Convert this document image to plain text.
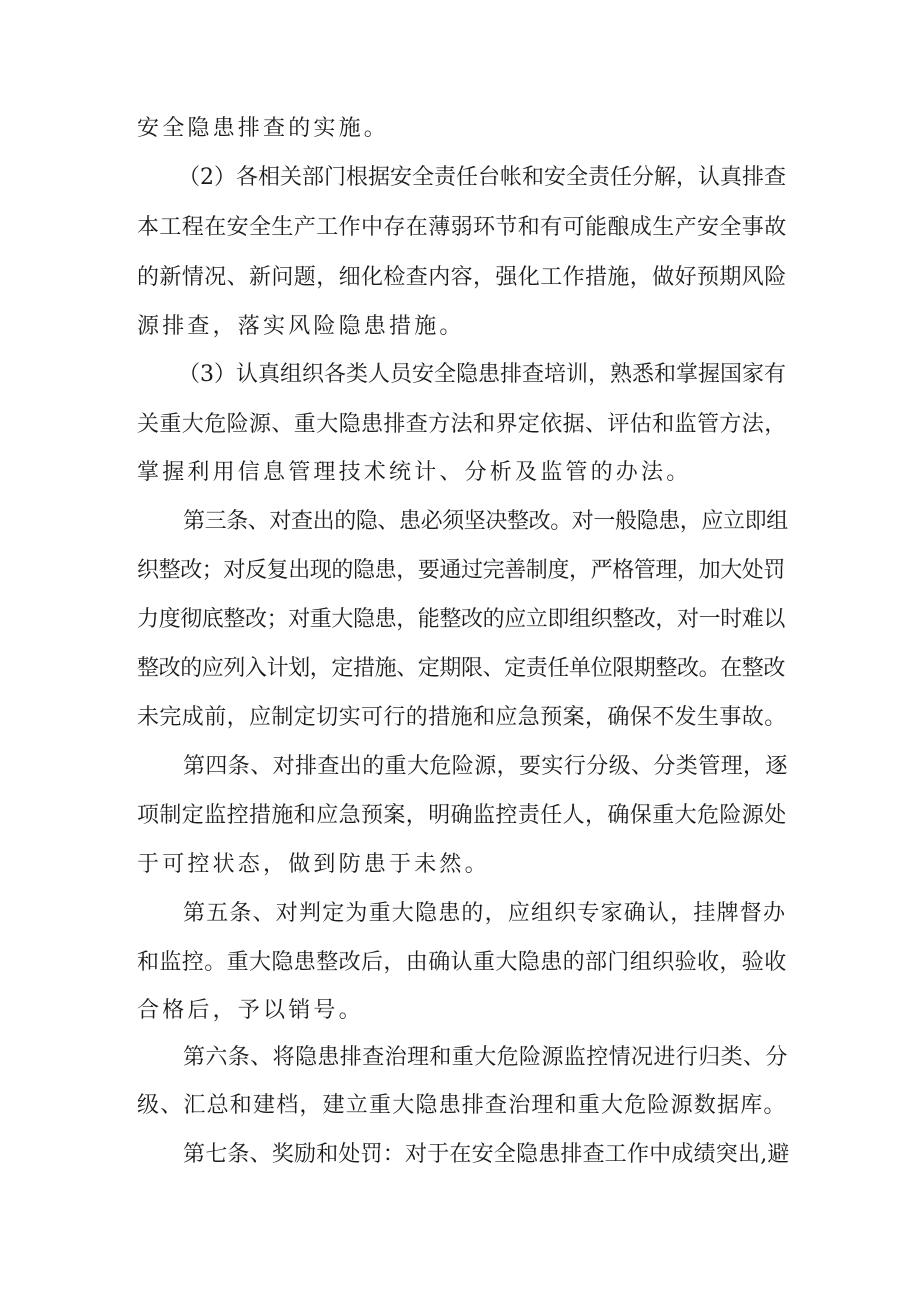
安全隐患排查的实施。
（2）各相关部门根据安全责任台帐和安全责任分解，认真排查
本工程在安全生产工作中存在薄弱环节和有可能酿成生产安全事故
的新情况、新问题，细化检查内容，强化工作措施，做好预期风险
源排查，落实风险隐患措施。
（3）认真组织各类人员安全隐患排查培训，熟悉和掌握国家有
关重大危险源、重大隐患排查方法和界定依据、评估和监管方法，
掌握利用信息管理技术统计、分析及监管的办法。
第三条、对查出的隐、患必须坚决整改。对一般隐患，应立即组
织整改；对反复出现的隐患，要通过完善制度，严格管理，加大处罚
力度彻底整改；对重大隐患，能整改的应立即组织整改，对一时难以
整改的应列入计划，定措施、定期限、定责任单位限期整改。在整改
未完成前，应制定切实可行的措施和应急预案，确保不发生事故。
第四条、对排查出的重大危险源，要实行分级、分类管理，逐
项制定监控措施和应急预案，明确监控责任人，确保重大危险源处
于可控状态，做到防患于未然。
第五条、对判定为重大隐患的，应组织专家确认，挂牌督办
和监控。重大隐患整改后，由确认重大隐患的部门组织验收，验收
合格后，予以销号。
第六条、将隐患排查治理和重大危险源监控情况进行归类、分
级、汇总和建档，建立重大隐患排查治理和重大危险源数据库。
第七条、奖励和处罚：对于在安全隐患排查工作中成绩突出,避
